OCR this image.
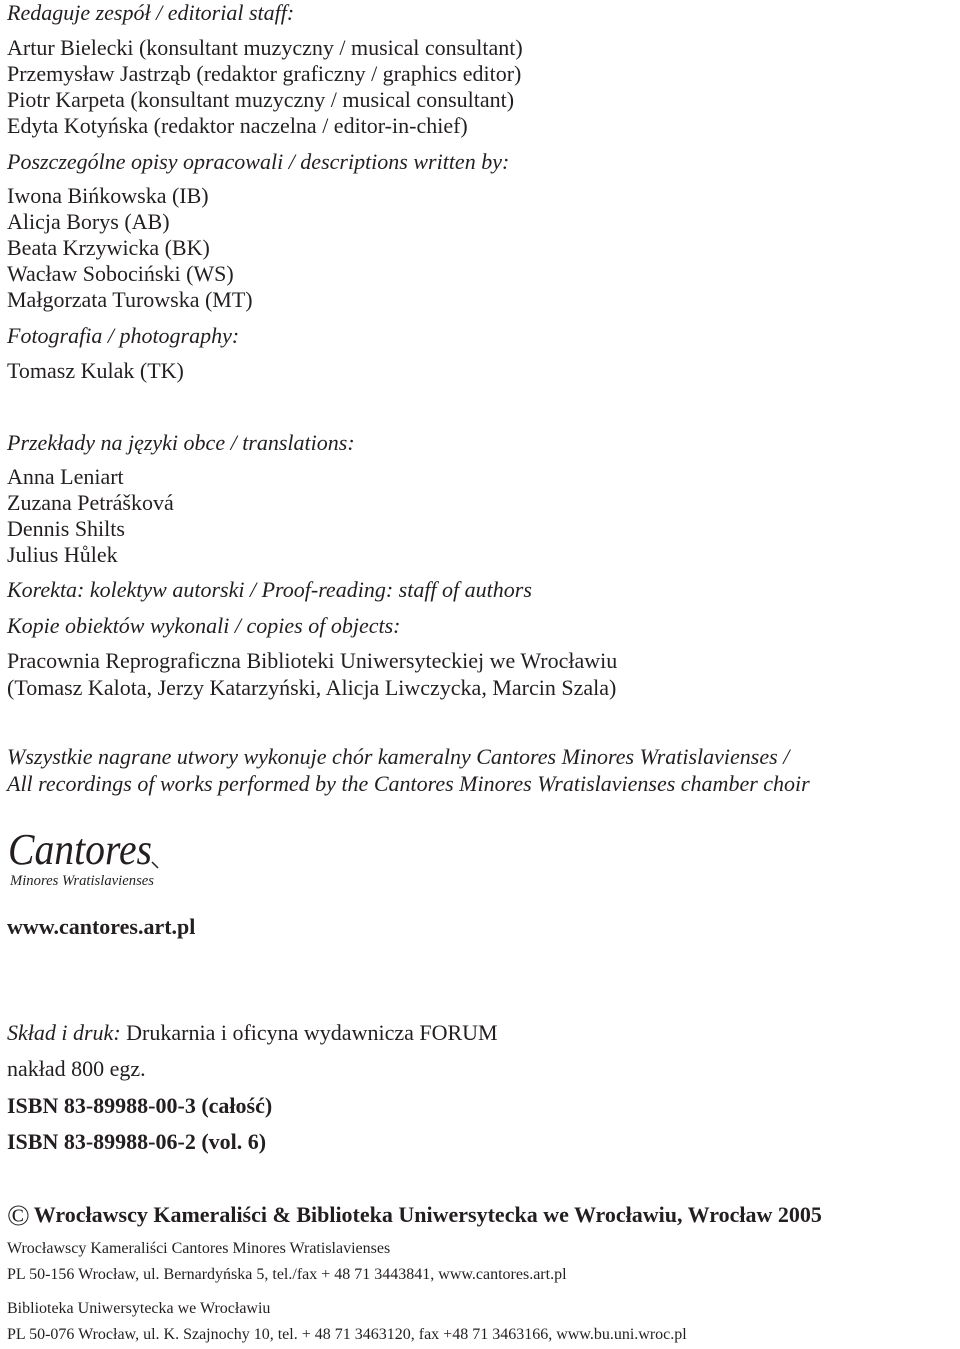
Redaguje zespół / editorial staff:
Artur Bielecki (konsultant muzyczny / musical consultant)
Przemysław Jastrząb (redaktor graficzny / graphics editor)
Piotr Karpeta (konsultant muzyczny / musical consultant)
Edyta Kotyńska (redaktor naczelna / editor-in-chief)
Poszczególne opisy opracowali / descriptions written by:
Iwona Bińkowska (IB)
Alicja Borys (AB)
Beata Krzywicka (BK)
Wacław Sobociński (WS)
Małgorzata Turowska (MT)
Fotografia / photography:
Tomasz Kulak (TK)
Przekłady na języki obce / translations:
Anna Leniart
Zuzana Petrášková
Dennis Shilts
Julius Hůlek
Korekta: kolektyw autorski / Proof-reading: staff of authors
Kopie obiektów wykonali / copies of objects:
Pracownia Reprograficzna Biblioteki Uniwersyteckiej we Wrocławiu
(Tomasz Kalota, Jerzy Katarzyński, Alicja Liwczycka, Marcin Szala)
Wszystkie nagrane utwory wykonuje chór kameralny Cantores Minores Wratislavienses /
All recordings of works performed by the Cantores Minores Wratislavienses chamber choir
Cantores
Minores Wratislavienses
www.cantores.art.pl
Skład i druk: Drukarnia i oficyna wydawnicza FORUM
nakład 800 egz.
ISBN 83-89988-00-3 (całość)
ISBN 83-89988-06-2 (vol. 6)
© Wrocławscy Kameraliści & Biblioteka Uniwersytecka we Wrocławiu, Wrocław 2005
Wrocławscy Kameraliści Cantores Minores Wratislavienses
PL 50-156 Wrocław, ul. Bernardyńska 5, tel./fax + 48 71 3443841, www.cantores.art.pl
Biblioteka Uniwersytecka we Wrocławiu
PL 50-076 Wrocław, ul. K. Szajnochy 10, tel. + 48 71 3463120, fax +48 71 3463166, www.bu.uni.wroc.pl
